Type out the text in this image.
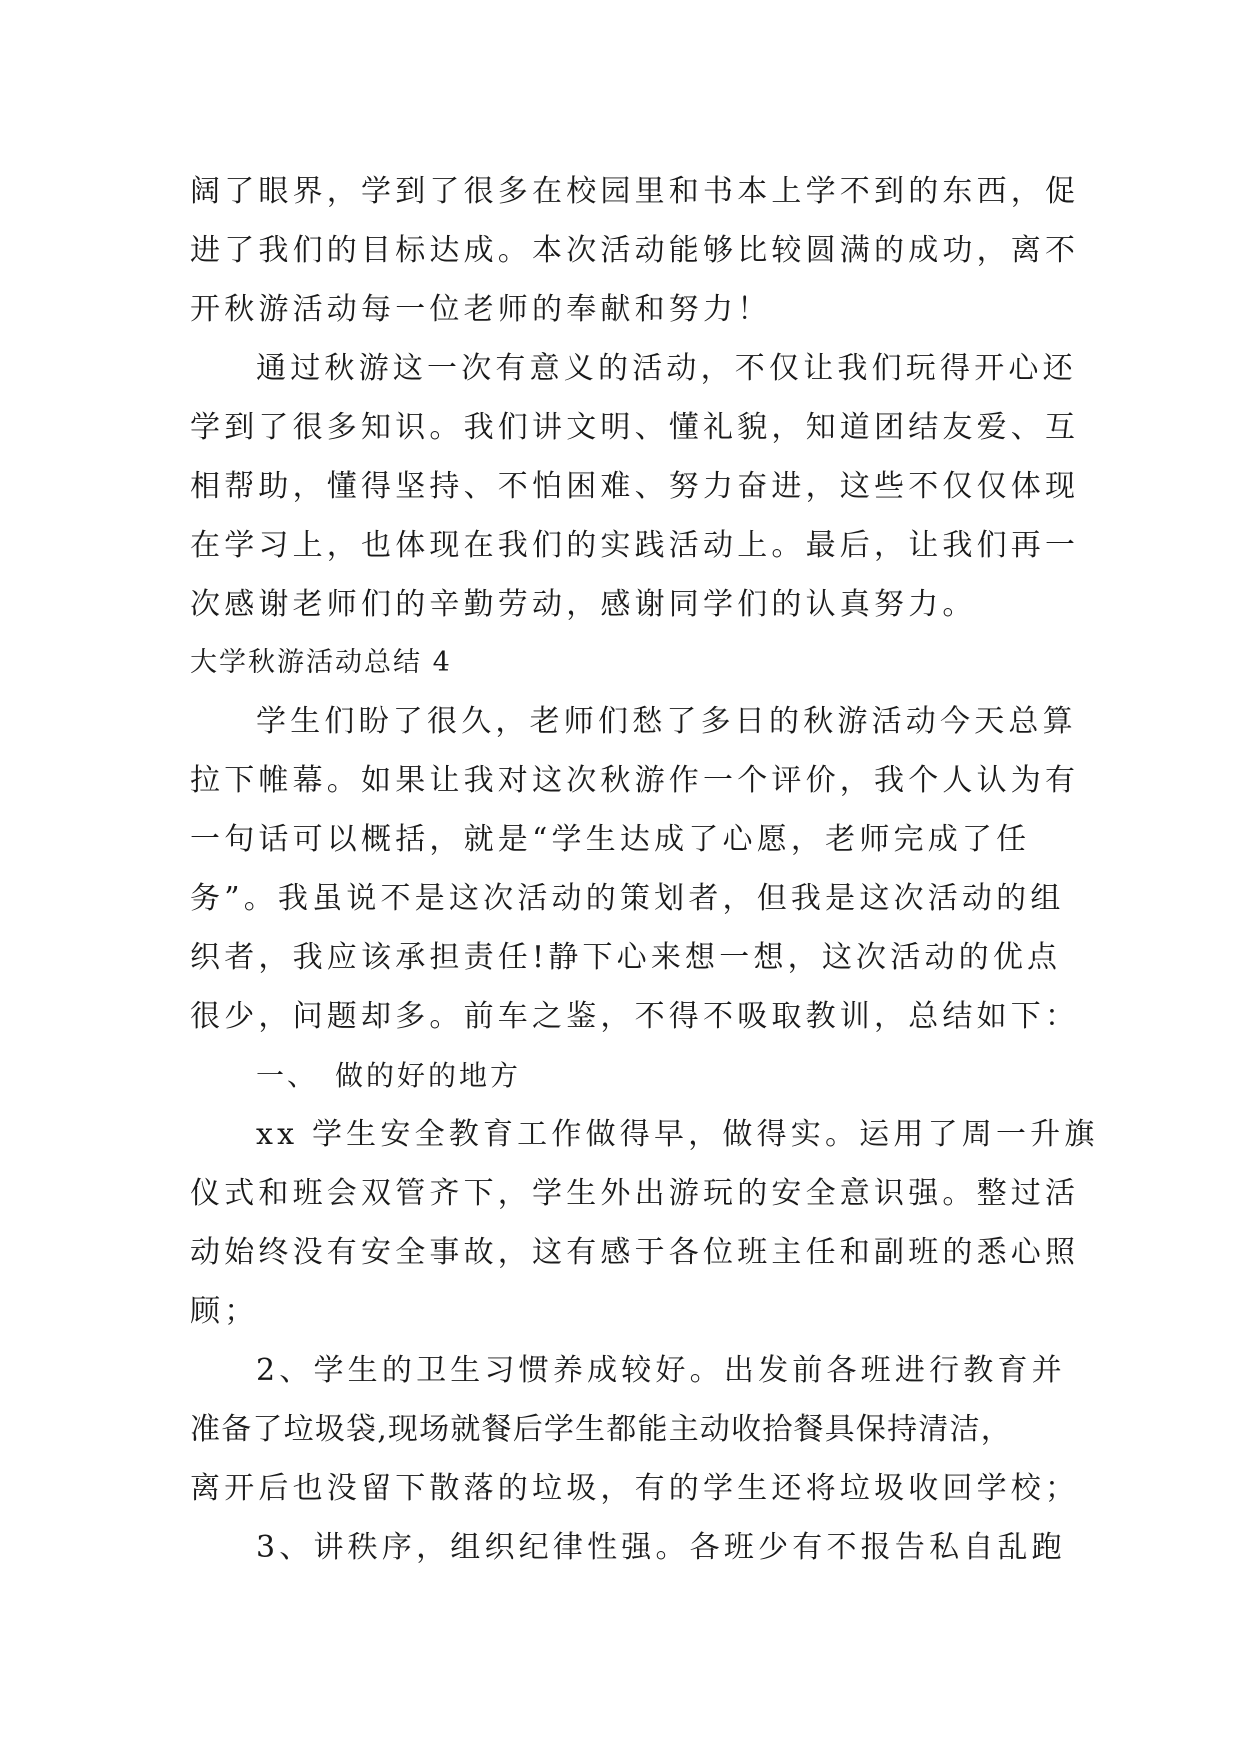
阔了眼界，学到了很多在校园里和书本上学不到的东西，促
进了我们的目标达成。本次活动能够比较圆满的成功，离不
开秋游活动每一位老师的奉献和努力！
通过秋游这一次有意义的活动，不仅让我们玩得开心还
学到了很多知识。我们讲文明、懂礼貌，知道团结友爱、互
相帮助，懂得坚持、不怕困难、努力奋进，这些不仅仅体现
在学习上，也体现在我们的实践活动上。最后，让我们再一
次感谢老师们的辛勤劳动，感谢同学们的认真努力。
大学秋游活动总结 4
学生们盼了很久，老师们愁了多日的秋游活动今天总算
拉下帷幕。如果让我对这次秋游作一个评价，我个人认为有
一句话可以概括，就是“学生达成了心愿，老师完成了任
务”。我虽说不是这次活动的策划者，但我是这次活动的组
织者，我应该承担责任!静下心来想一想，这次活动的优点
很少，问题却多。前车之鉴，不得不吸取教训，总结如下：
一、　做的好的地方
xx 学生安全教育工作做得早，做得实。运用了周一升旗
仪式和班会双管齐下，学生外出游玩的安全意识强。整过活
动始终没有安全事故，这有感于各位班主任和副班的悉心照
顾；
2、学生的卫生习惯养成较好。出发前各班进行教育并
准备了垃圾袋,现场就餐后学生都能主动收拾餐具保持清洁，
离开后也没留下散落的垃圾，有的学生还将垃圾收回学校；
3、讲秩序，组织纪律性强。各班少有不报告私自乱跑
